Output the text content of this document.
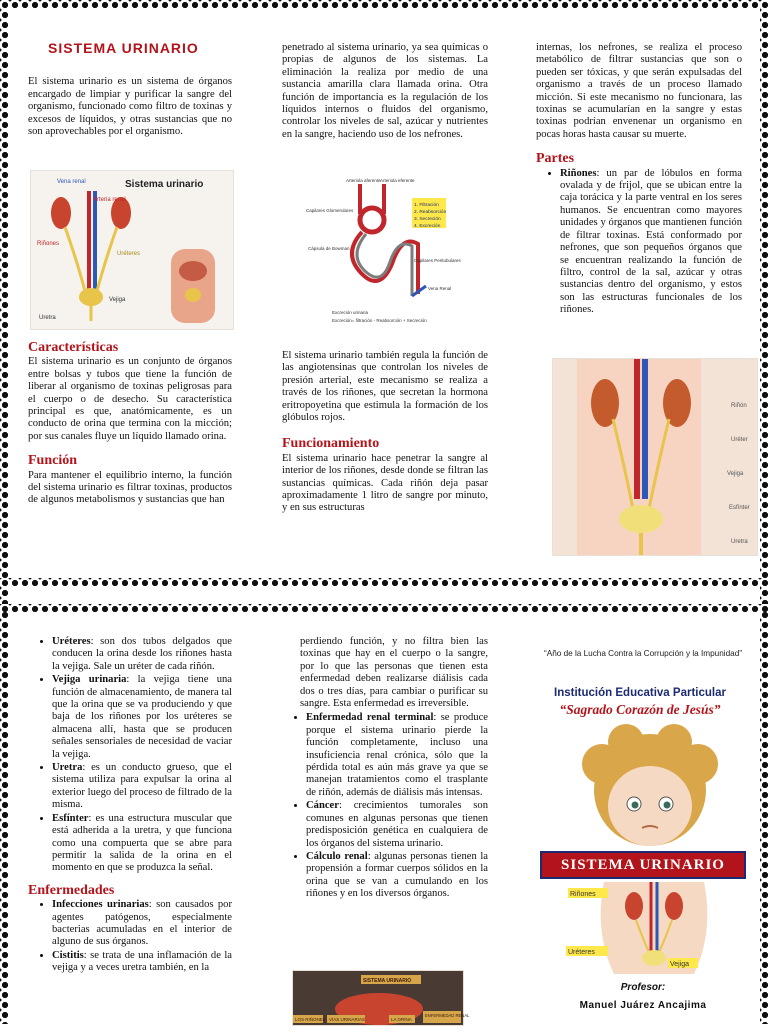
SISTEMA URINARIO

El sistema urinario es un sistema de órganos encargado de limpiar y purificar la sangre del organismo, funcionado como filtro de toxinas y excesos de líquidos, y otras sustancias que no son aprovechables por el organismo.

Sistema urinario
Vena renal
Arteria renal
Riñones
Uréteres
Vejiga
Uretra
Características

El sistema urinario es un conjunto de órganos entre bolsas y tubos que tiene la función de liberar al organismo de toxinas peligrosas para el cuerpo o de desecho. Su característica principal es que, anatómicamente, es un conducto de orina que termina con la micción; por sus canales fluye un líquido llamado orina.

Función

Para mantener el equilibrio interno, la función del sistema urinario es filtrar toxinas, productos de algunos metabolismos y sustancias que han

penetrado al sistema urinario, ya sea químicas o propias de algunos de los sistemas. La eliminación la realiza por medio de una sustancia amarilla clara llamada orina. Otra función de importancia es la regulación de los líquidos internos o fluidos del organismo, controlar los niveles de sal, azúcar y nutrientes en la sangre, haciendo uso de los nefrones.

1. Filtración
2. Reabsorción
3. Secreción
4. Excreción
Arteriola aferente Arteriola eferente
Capilares Glomerulares
Cápsula de Bowman
Capilares Peritubulares
Vena Renal
Excreción urinaria
Excreción= filtración - Reabsorción + Secreción

El sistema urinario también regula la función de las angiotensinas que controlan los niveles de presión arterial, este mecanismo se realiza a través de los riñones, que secretan la hormona eritropoyetina que estimula la formación de los glóbulos rojos.

Funcionamiento

El sistema urinario hace penetrar la sangre al interior de los riñones, desde donde se filtran las sustancias químicas. Cada riñón deja pasar aproximadamente 1 litro de sangre por minuto, y en sus estructuras

internas, los nefrones, se realiza el proceso metabólico de filtrar sustancias que son o pueden ser tóxicas, y que serán expulsadas del organismo a través de un proceso llamado micción. Si este mecanismo no funcionara, las toxinas se acumularían en la sangre y estas toxinas podrían envenenar un organismo en pocas horas hasta causar su muerte.

Partes
• Riñones: un par de lóbulos en forma ovalada y de frijol, que se ubican entre la caja torácica y la parte ventral en los seres humanos. Se encuentran como mayores unidades y órganos que mantienen función de filtrar toxinas. Está conformado por nefrones, que son pequeños órganos que se encuentran realizando la función de filtro, control de la sal, azúcar y otras sustancias dentro del organismo, y estos son las estructuras funcionales de los riñones.
Riñón
Uréter
Vejiga
Esfínter
Uretra
• Uréteres: son dos tubos delgados que conducen la orina desde los riñones hasta la vejiga. Sale un uréter de cada riñón.
• Vejiga urinaria: la vejiga tiene una función de almacenamiento, de manera tal que la orina que se va produciendo y que baja de los riñones por los uréteres se almacena allí, hasta que se producen señales sensoriales de necesidad de vaciar la vejiga.
• Uretra: es un conducto grueso, que el sistema utiliza para expulsar la orina al exterior luego del proceso de filtrado de la misma.
• Esfínter: es una estructura muscular que está adherida a la uretra, y que funciona como una compuerta que se abre para permitir la salida de la orina en el momento en que se produzca la señal.
Enfermedades
• Infecciones urinarias: son causados por agentes patógenos, especialmente bacterias acumuladas en el interior de alguno de sus órganos.
• Cistitis: se trata de una inflamación de la vejiga y a veces uretra también, en la

perdiendo función, y no filtra bien las toxinas que hay en el cuerpo o la sangre, por lo que las personas que tienen esta enfermedad deben realizarse diálisis cada dos o tres días, para cambiar o purificar su sangre. Esta enfermedad es irreversible.

• Enfermedad renal terminal: se produce porque el sistema urinario pierde la función completamente, incluso una insuficiencia renal crónica, sólo que la pérdida total es aún más grave ya que se manejan tratamientos como el trasplante de riñón, además de diálisis más intensas.
• Cáncer: crecimientos tumorales son comunes en algunas personas que tienen predisposición genética en cualquiera de los órganos del sistema urinario.
• Cálculo renal: algunas personas tienen la propensión a formar cuerpos sólidos en la orina que se van a cumulando en los riñones y en los diversos órganos.
SISTEMA URINARIO
LOS RIÑONES VÍAS URINARIAS	LA ORINA
ENFERMEDAD RENAL
“Año de la Lucha Contra la Corrupción y la Impunidad”
Institución Educativa Particular
“Sagrado Corazón de Jesús”
SISTEMA URINARIO
Riñones
Uréteres
Vejiga
Profesor:
Manuel Juárez Ancajima
